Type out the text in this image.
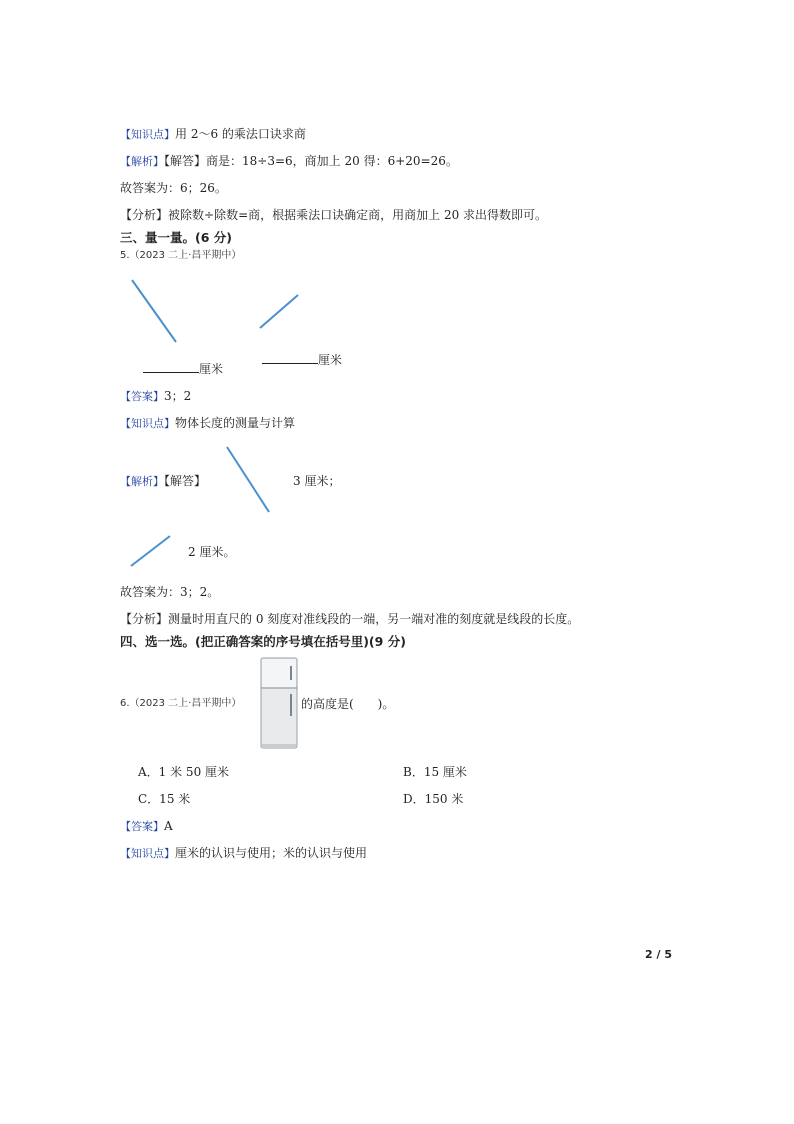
【知识点】用 2～6 的乘法口诀求商
【解析】【解答】商是：18÷3=6，商加上 20 得：6+20=26。
故答案为：6；26。
【分析】被除数÷除数=商，根据乘法口诀确定商，用商加上 20 求出得数即可。
三、量一量。(6 分)
5.（2023 二上·昌平期中）
厘米
厘米
【答案】3；2
【知识点】物体长度的测量与计算
【解析】【解答】	3 厘米；
2 厘米。
故答案为：3；2。
【分析】测量时用直尺的 0 刻度对准线段的一端，另一端对准的刻度就是线段的长度。
四、选一选。(把正确答案的序号填在括号里)(9 分)
6.（2023 二上·昌平期中）	的高度是(　　)。
A．1 米 50 厘米	B．15 厘米
C．15 米	D．150 米
【答案】A
【知识点】厘米的认识与使用；米的认识与使用
2 / 5
